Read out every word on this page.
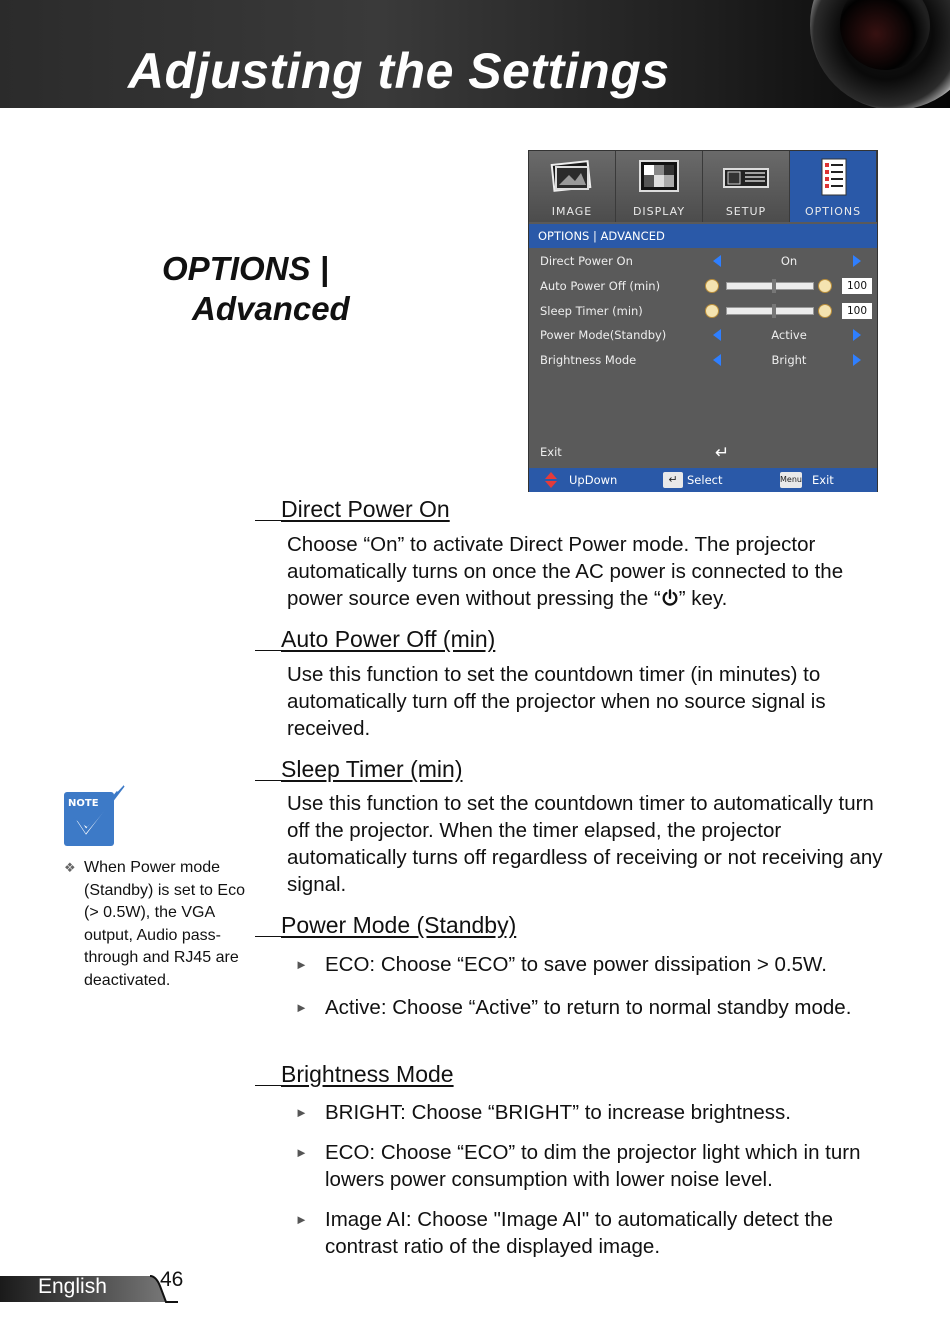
Adjusting the Settings
OPTIONS |
Advanced
IMAGE	DISPLAY	SETUP	OPTIONS
OPTIONS | ADVANCED
Direct Power On	On
Auto Power Off (min)	100
Sleep Timer (min)	100
Power Mode(Standby)	Active
Brightness Mode	Bright
Exit	↵
UpDown	↵ Select	Menu Exit
Direct Power On
Choose “On” to activate Direct Power mode. The projector automatically turns on once the AC power is connected to the power source even without pressing the “ ” key.
Auto Power Off (min)
Use this function to set the countdown timer (in minutes) to automatically turn off the projector when no source signal is received.
Sleep Timer (min)
Use this function to set the countdown timer to automatically turn off the projector. When the timer elapsed, the projector automatically turns off regardless of receiving or not receiving any signal.
Power Mode (Standby)
► ECO: Choose “ECO” to save power dissipation > 0.5W.
► Active: Choose “Active” to return to normal standby mode.
Brightness Mode
► BRIGHT: Choose “BRIGHT” to increase brightness.
► ECO: Choose “ECO” to dim the projector light which in turn lowers power consumption with lower noise level.
► Image AI: Choose "Image AI" to automatically detect the contrast ratio of the displayed image.
NOTE
❖ When Power mode (Standby) is set to Eco (> 0.5W), the VGA output, Audio pass-through and RJ45 are deactivated.
English	46
